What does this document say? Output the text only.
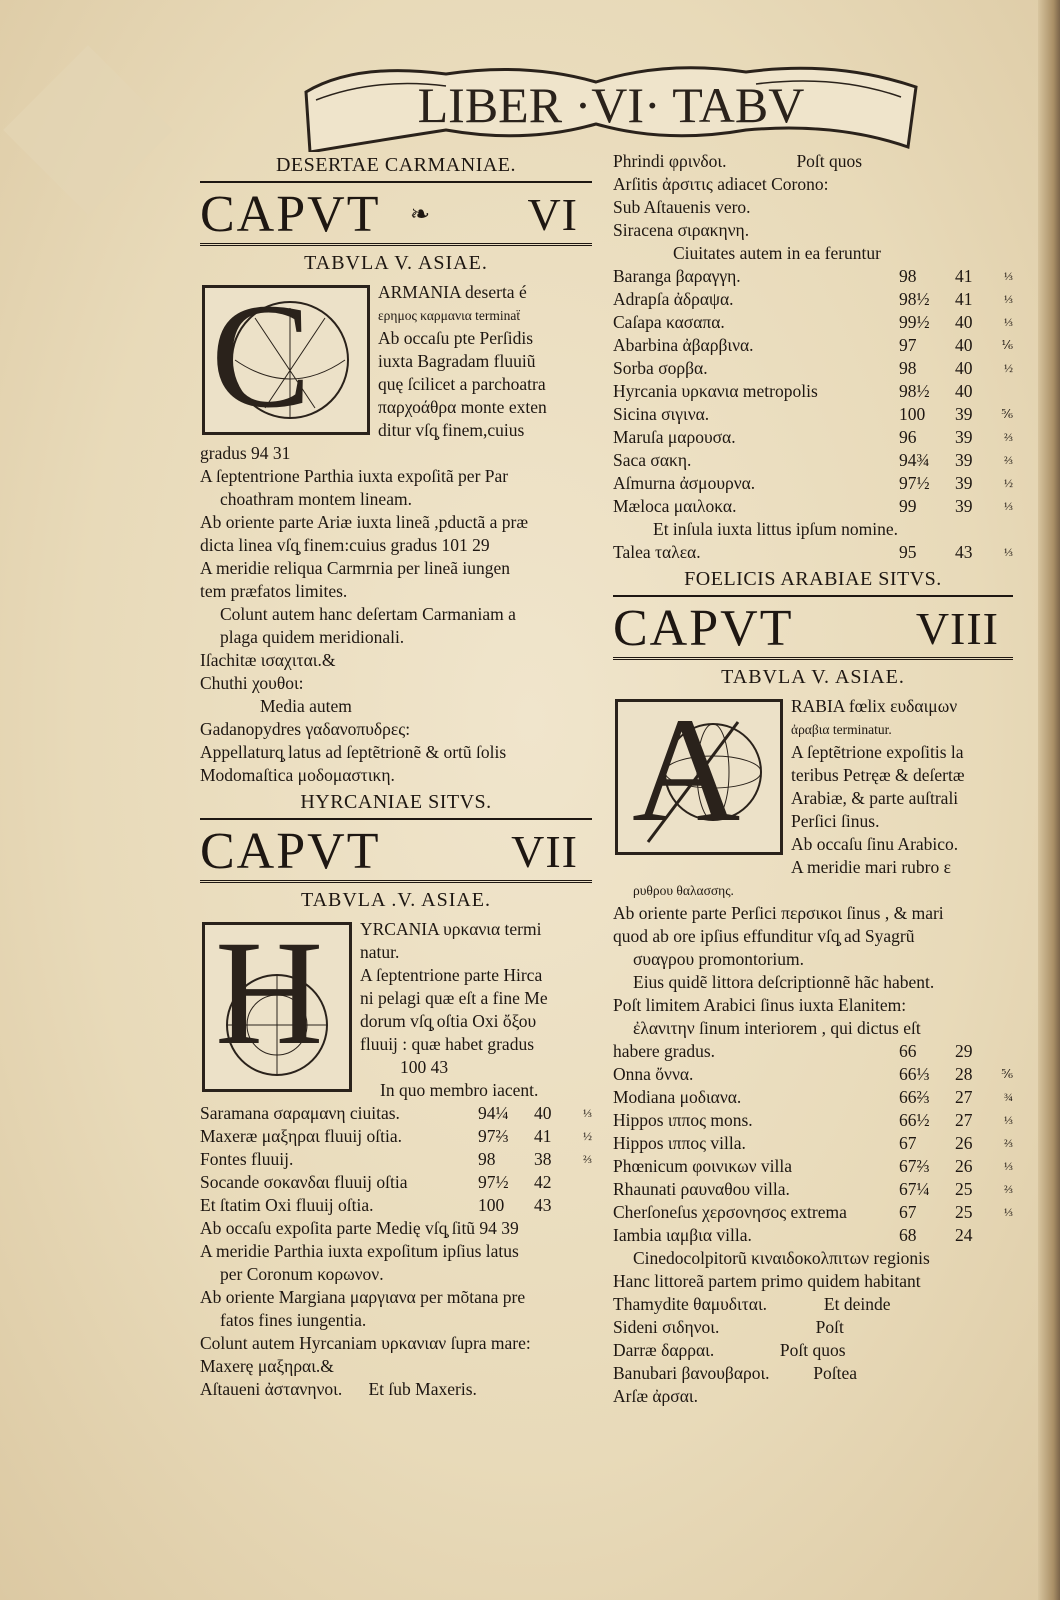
LIBER ·VI· TABV
DESERTAE CARMANIAE.
CAPVT ❧ VI
TABVLA V. ASIAE.
C	ARMANIA deserta é
ερημος καρμανια terminaẗ
Ab occaſu pte Perſidis
iuxta Bagradam fluuiũ
quę ſcilicet a parchoatra
παρχοάθρα monte exten
ditur vſq̧ finem,cuius
gradus 94 31
A ſeptentrione Parthia iuxta expoſitã per Par
choathram montem lineam.
Ab oriente parte Ariæ iuxta lineã ,pductã a præ
dicta linea vſq̧ finem:cuius gradus 101 29
A meridie reliqua Carmrnia per lineã iungen
tem præfatos limites.
Colunt autem hanc deſertam Carmaniam a
plaga quidem meridionali.
Iſachitæ ισαχιται.&
Chuthi χουθοι:
Media autem
Gadanopydres γαδανοπυδρες:
Appellaturq̧ latus ad ſeptẽtrionẽ & ortũ ſolis
Modomaſtica μοδομαστικη.
HYRCANIAE SITVS.
CAPVT	VII
TABVLA .V. ASIAE.
H YRCANIA υρκανια termi
natur.
A ſeptentrione parte Hirca
ni pelagi quæ eſt a fine Me
dorum vſq̧ oſtia Oxi ὄξου
fluuij : quæ habet gradus
100 43
In quo membro iacent.
Saramana σαραμανη ciuitas.	94¼	40	⅓
Maxeræ μαξηραι fluuij oſtia.	97⅔	41	½
Fontes fluuij.	98	38	⅔
Socande σοκανδαι fluuij oſtia	97½	42
Et ſtatim Oxi fluuij oſtia.	100	43
Ab occaſu expoſita parte Medię vſq̧ ſitũ 94 39
A meridie Parthia iuxta expoſitum ipſius latus
per Coronum κορωνον.
Ab oriente Margiana μαργιανα per mõtana pre
fatos fines iungentia.
Colunt autem Hyrcaniam υρκανιαν ſupra mare:
Maxerę μαξηραι.&
Aſtaueni ἀστανηνοι.      Et ſub Maxeris.
Phrindi φρινδοι.                Poſt quos
Arſitis ἀρσιτις adiacet Corono:
Sub Aſtauenis vero.
Siracena σιρακηνη.
Ciuitates autem in ea feruntur
Baranga βαραγγη.	98	41	⅓
Adrapſa ἀδραψα.	98½	41	⅓
Caſapa κασαπα.	99½	40	⅓
Abarbina ἀβαρβινα.	97	40	⅙
Sorba σορβα.	98	40	½
Hyrcania υρκανια metropolis	98½	40
Sicina σιγινα.	100	39	⅚
Maruſa μαρουσα.	96	39	⅔
Saca σακη.	94¾	39	⅔
Aſmurna ἀσμουρνα.	97½	39	½
Mæloca μαιλοκα.	99	39	⅓
Et inſula iuxta littus ipſum nomine.
Talea ταλεα.	95	43	⅓
FOELICIS ARABIAE SITVS.
CAPVT	VIII
TABVLA V. ASIAE.
A	RABIA fœlix ευδαιμων
ἀραβια terminatur.
A ſeptẽtrione expoſitis la
teribus Petręæ & deſertæ
Arabiæ, & parte auſtrali
Perſici ſinus.
Ab occaſu ſinu Arabico.
A meridie mari rubro ε
ρυθρου θαλασσης.
Ab oriente parte Perſici περσικοι ſinus , & mari
quod ab ore ipſius effunditur vſq̧ ad Syagrũ
συαγρου promontorium.
Eius quidẽ littora deſcriptionnẽ hãc habent.
Poſt limitem Arabici ſinus iuxta Elanitem:
ἐλανιτην ſinum interiorem , qui dictus eſt
habere gradus.	66	29
Onna ὄννα.	66⅓	28	⅚
Modiana μοδιανα.	66⅔	27	¾
Hippos ιππος mons.	66½	27	⅓
Hippos ιππος villa.	67	26	⅔
Phœnicum φοινικων villa	67⅔	26	⅓
Rhaunati ραυναθου villa.	67¼	25	⅔
Cherſoneſus χερσονησος extrema	67	25	⅓
Iambia ιαμβια villa.	68	24
Cinedocolpitorũ κιναιδοκολπιτων regionis
Hanc littoreã partem primo quidem habitant
Thamydite θαμυδιται.             Et deinde
Sideni σιδηνοι.                      Poſt
Darræ δαρραι.               Poſt quos
Banubari βανουβαροι.          Poſtea
Arſæ ἀρσαι.
